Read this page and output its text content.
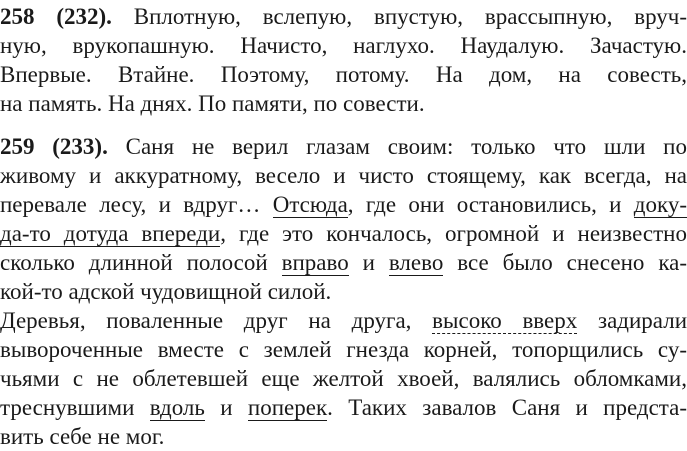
258 (232). Вплотную, вслепую, впустую, врассыпную, вруч-
ную, врукопашную. Начисто, наглухо. Наудалую. Зачастую.
Впервые. Втайне. Поэтому, потому. На дом, на совесть,
на память. На днях. По памяти, по совести.
259 (233). Саня не верил глазам своим: только что шли по
живому и аккуратному, весело и чисто стоящему, как всегда, на
перевале лесу, и вдруг… Отсюда, где они остановились, и доку-
да-то дотуда впереди, где это кончалось, огромной и неизвестно
сколько длинной полосой вправо и влево все было снесено ка-
кой-то адской чудовищной силой.
Деревья, поваленные друг на друга, высоко вверх задирали
вывороченные вместе с землей гнезда корней, топорщились су-
чьями с не облетевшей еще желтой хвоей, валялись обломками,
треснувшими вдоль и поперек. Таких завалов Саня и предста-
вить себе не мог.
